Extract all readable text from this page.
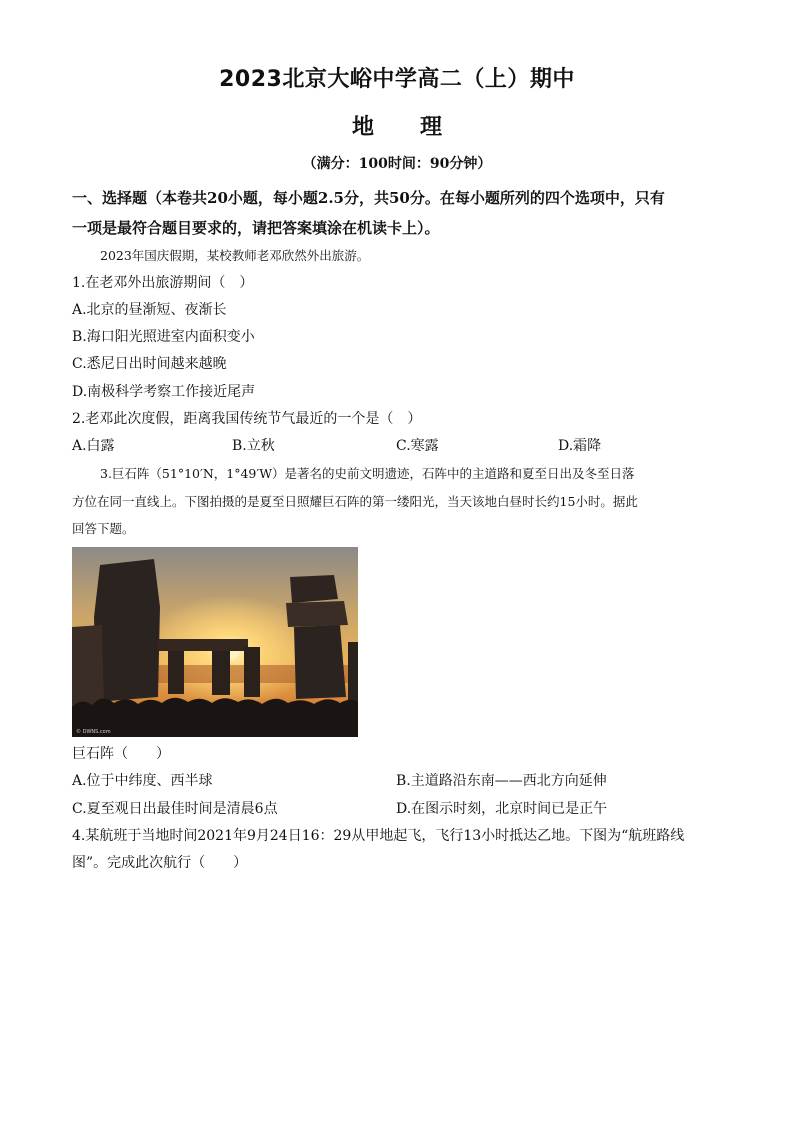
2023北京大峪中学高二（上）期中
地 理
（满分：100时间：90分钟）
一、选择题（本卷共20小题，每小题2.5分，共50分。在每小题所列的四个选项中，只有
一项是最符合题目要求的，请把答案填涂在机读卡上）。
2023年国庆假期，某校教师老邓欣然外出旅游。
1.在老邓外出旅游期间（　）
A.北京的昼渐短、夜渐长
B.海口阳光照进室内面积变小
C.悉尼日出时间越来越晚
D.南极科学考察工作接近尾声
2.老邓此次度假，距离我国传统节气最近的一个是（　）
A.白露	B.立秋	C.寒露	D.霜降
3.巨石阵（51°10′N，1°49′W）是著名的史前文明遗迹，石阵中的主道路和夏至日出及冬至日落
方位在同一直线上。下图拍摄的是夏至日照耀巨石阵的第一缕阳光，当天该地白昼时长约15小时。据此
回答下题。
© DWNS.com
巨石阵（　　）
A.位于中纬度、西半球	B.主道路沿东南——西北方向延伸
C.夏至观日出最佳时间是清晨6点	D.在图示时刻，北京时间已是正午
4.某航班于当地时间2021年9月24日16：29从甲地起飞，飞行13小时抵达乙地。下图为“航班路线
图”。完成此次航行（　　）
